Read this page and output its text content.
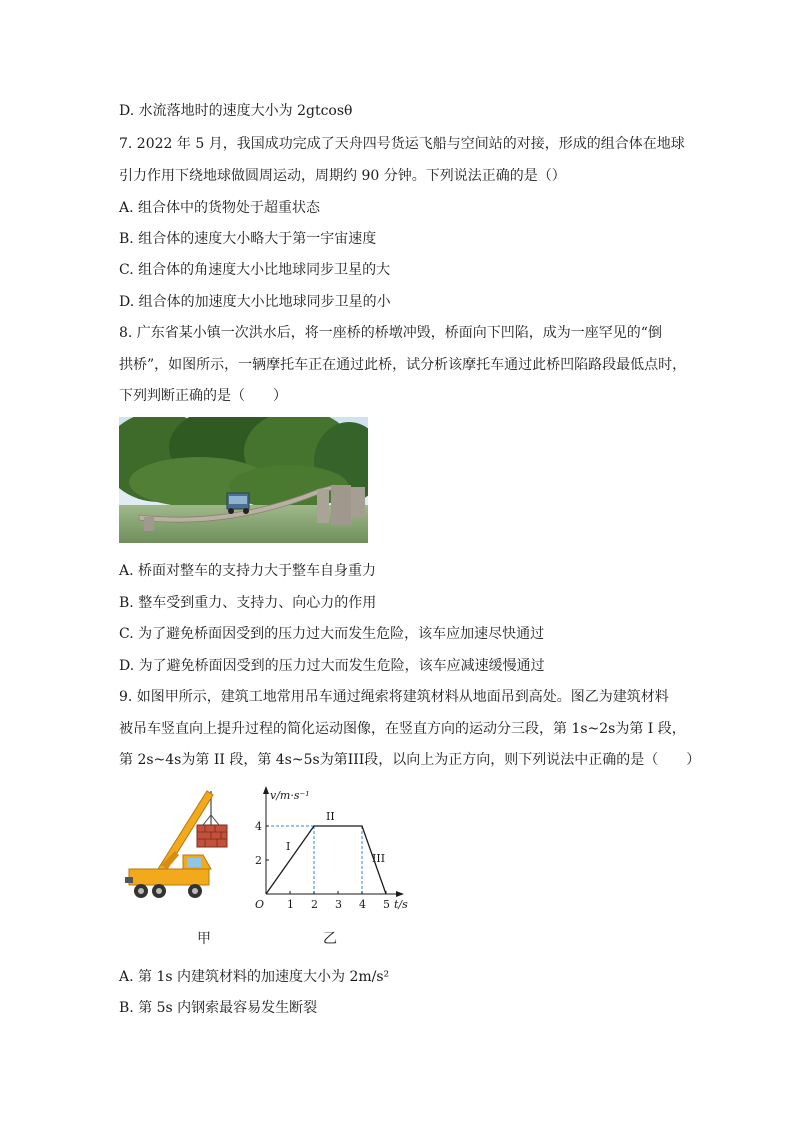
D. 水流落地时的速度大小为 2gtcosθ
7. 2022 年 5 月，我国成功完成了天舟四号货运飞船与空间站的对接，形成的组合体在地球
引力作用下绕地球做圆周运动，周期约 90 分钟。下列说法正确的是（）
A. 组合体中的货物处于超重状态
B. 组合体的速度大小略大于第一宇宙速度
C. 组合体的角速度大小比地球同步卫星的大
D. 组合体的加速度大小比地球同步卫星的小
8. 广东省某小镇一次洪水后，将一座桥的桥墩冲毁，桥面向下凹陷，成为一座罕见的“倒
拱桥”，如图所示，一辆摩托车正在通过此桥，试分析该摩托车通过此桥凹陷路段最低点时，
下列判断正确的是（　　）
A. 桥面对整车的支持力大于整车自身重力
B. 整车受到重力、支持力、向心力的作用
C. 为了避免桥面因受到的压力过大而发生危险，该车应加速尽快通过
D. 为了避免桥面因受到的压力过大而发生危险，该车应减速缓慢通过
9. 如图甲所示，建筑工地常用吊车通过绳索将建筑材料从地面吊到高处。图乙为建筑材料
被吊车竖直向上提升过程的简化运动图像，在竖直方向的运动分三段，第 1s~2s为第 I 段，
第 2s~4s为第 II 段，第 4s~5s为第III段，以向上为正方向，则下列说法中正确的是（　　）
A. 第 1s 内建筑材料的加速度大小为 2m/s²
B. 第 5s 内钢索最容易发生断裂
v/m·s⁻¹
t/s
O 1 2 3 4 5
2
4
I
II
III
甲	乙
